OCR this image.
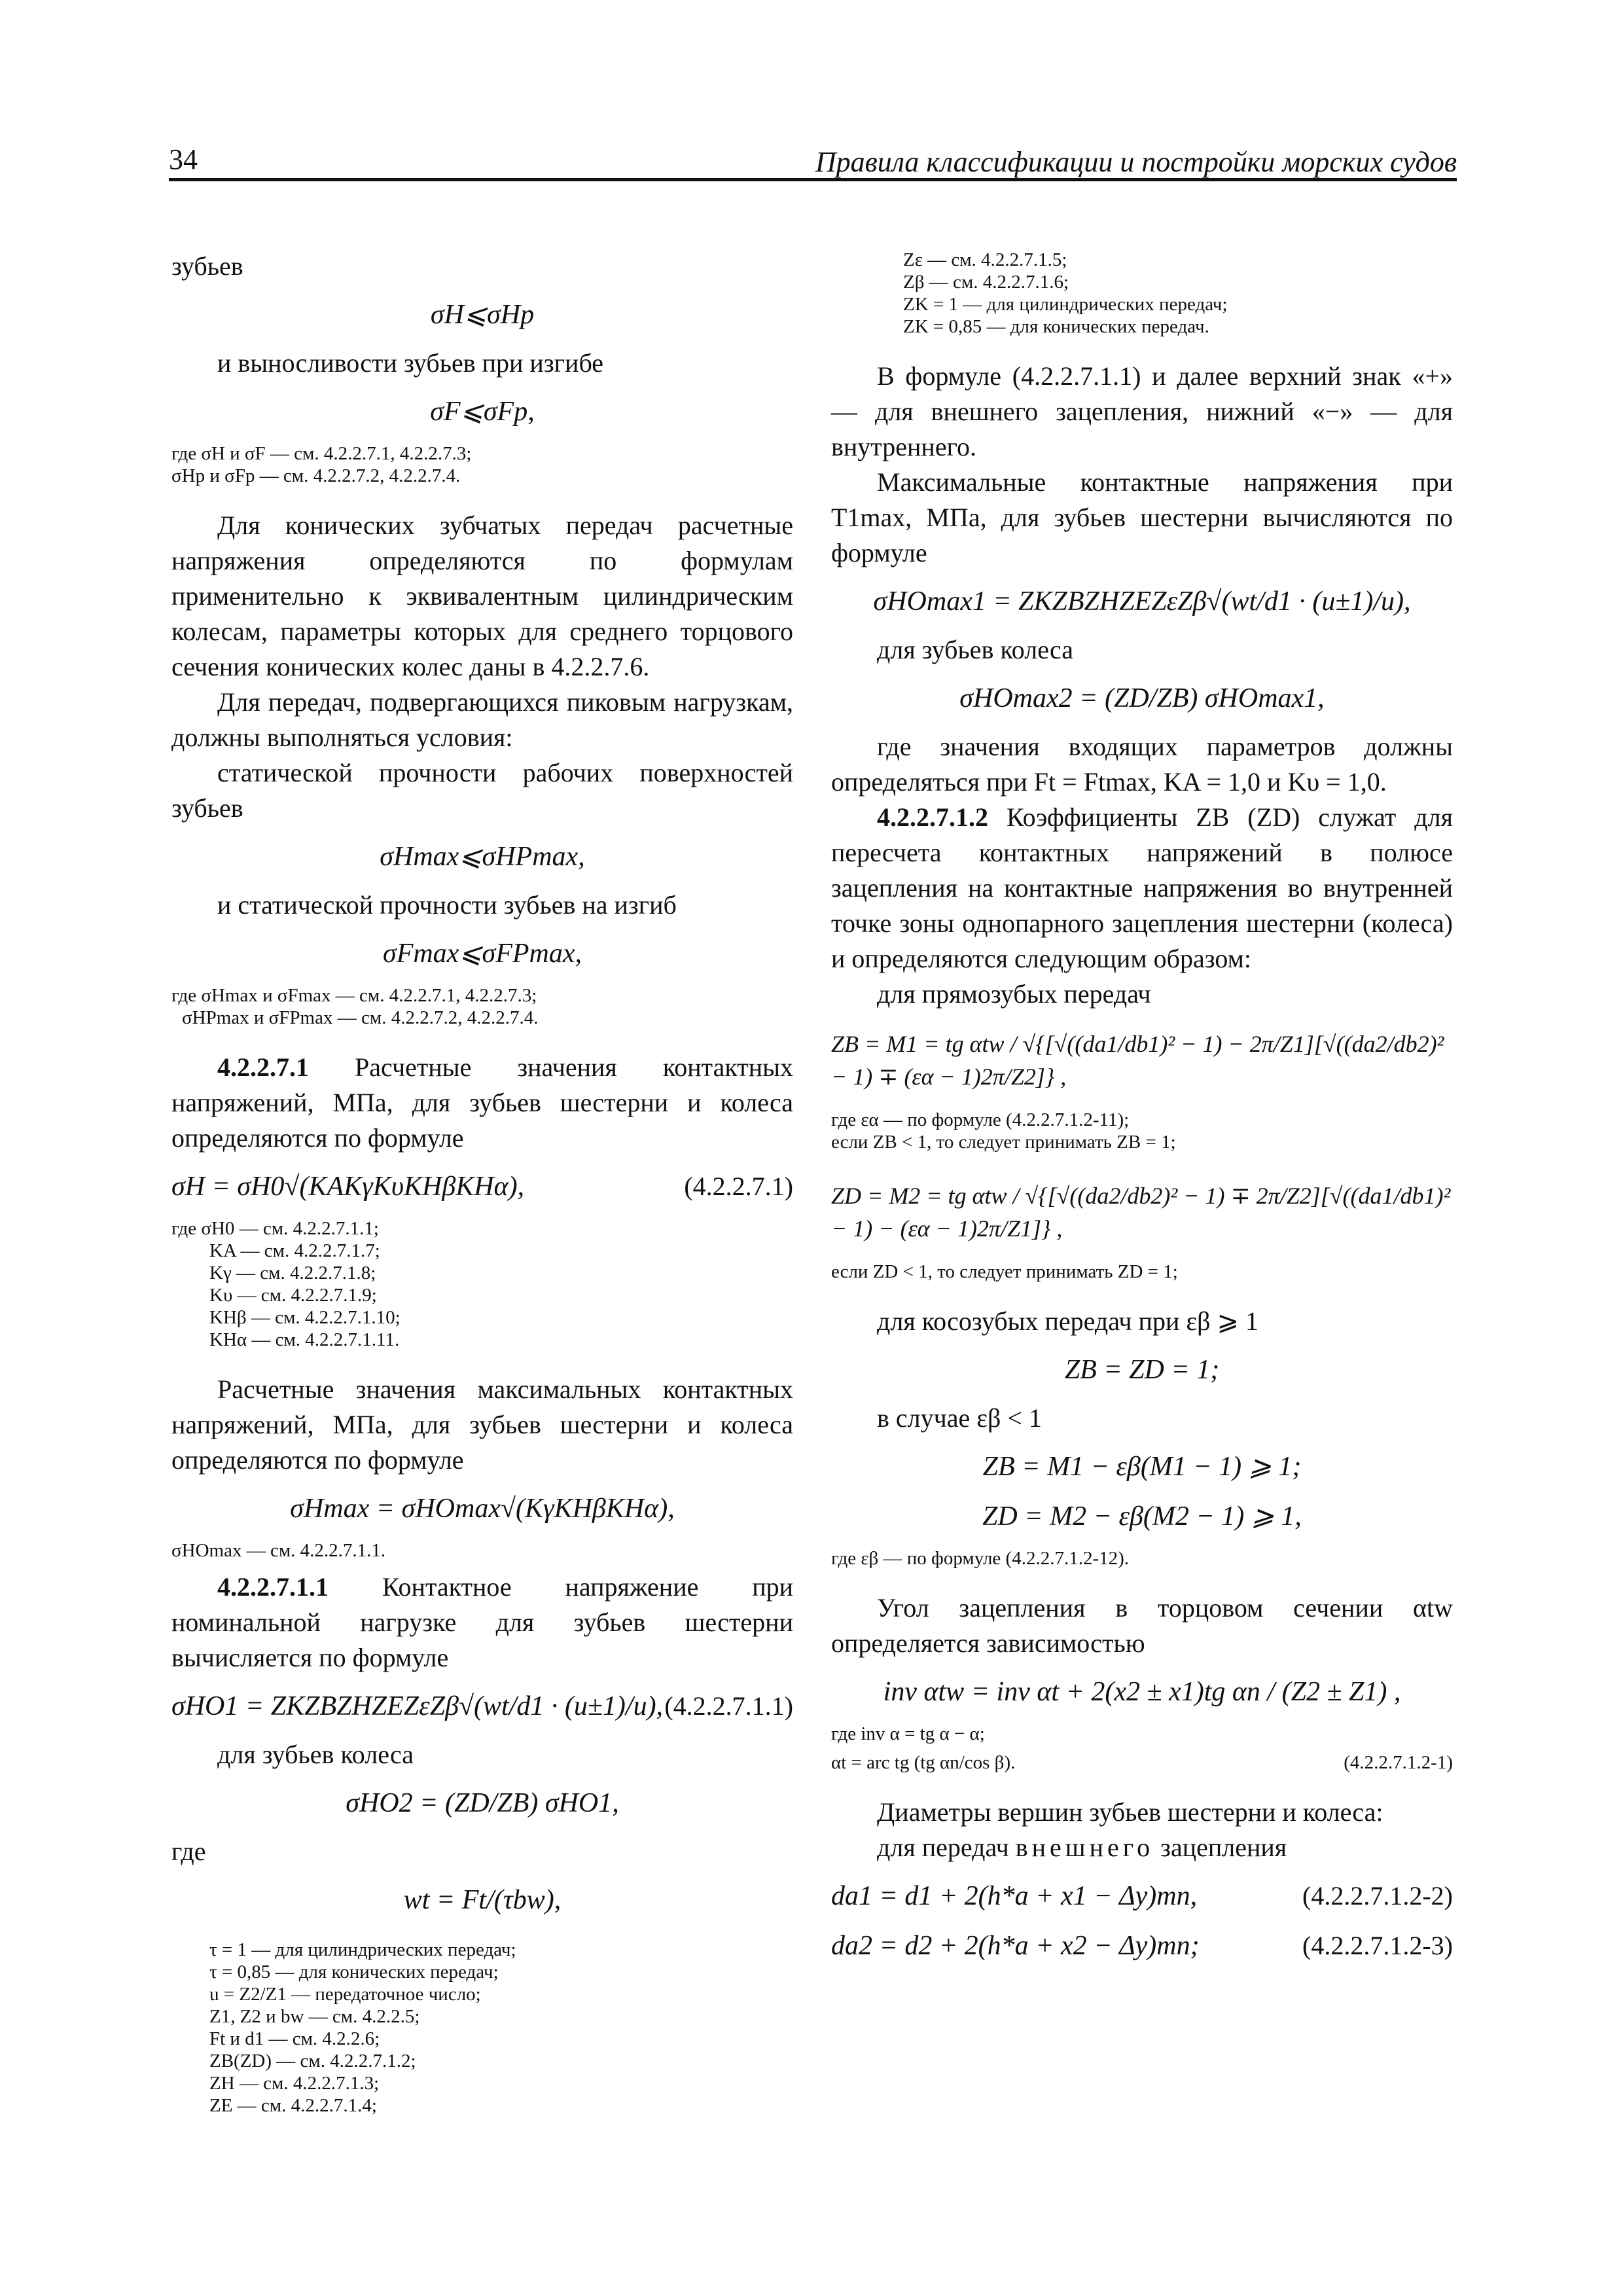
34	Правила классификации и постройки морских судов

зубьев

σH⩽σHp

и выносливости зубьев при изгибе

σF⩽σFp,

где σH и σF — см. 4.2.2.7.1, 4.2.2.7.3;

σHp и σFp — см. 4.2.2.7.2, 4.2.2.7.4.

Для конических зубчатых передач расчетные напряжения определяются по формулам применительно к эквивалентным цилиндрическим колесам, параметры которых для среднего торцового сечения конических колес даны в 4.2.2.7.6.

Для передач, подвергающихся пиковым нагрузкам, должны выполняться условия:

статической прочности рабочих поверхностей зубьев

σHmax⩽σHPmax,

и статической прочности зубьев на изгиб

σFmax⩽σFPmax,

где σHmax и σFmax — см. 4.2.2.7.1, 4.2.2.7.3;

σHPmax и σFPmax — см. 4.2.2.7.2, 4.2.2.7.4.

4.2.2.7.1 Расчетные значения контактных напряжений, МПа, для зубьев шестерни и колеса определяются по формуле

σH = σH0√(KAKγKυKHβKHα),	(4.2.2.7.1)

где σH0 — см. 4.2.2.7.1.1;

KA — см. 4.2.2.7.1.7;

Kγ — см. 4.2.2.7.1.8;

Kυ — см. 4.2.2.7.1.9;

KHβ — см. 4.2.2.7.1.10;

KHα — см. 4.2.2.7.1.11.

Расчетные значения максимальных контактных напряжений, МПа, для зубьев шестерни и колеса определяются по формуле

σHmax = σHOmax√(KγKHβKHα),

σHOmax — см. 4.2.2.7.1.1.

4.2.2.7.1.1 Контактное напряжение при номинальной нагрузке для зубьев шестерни вычисляется по формуле

σHO1 = ZKZBZHZEZεZβ√(wt/d1 · (u±1)/u), (4.2.2.7.1.1)

для зубьев колеса

σHO2 = (ZD/ZB) σHO1,

где

wt = Ft/(τbw),

τ = 1 — для цилиндрических передач;

τ = 0,85 — для конических передач;

u = Z2/Z1 — передаточное число;

Z1, Z2 и bw — см. 4.2.2.5;

Ft и d1 — см. 4.2.2.6;

ZB(ZD) — см. 4.2.2.7.1.2;

ZH — см. 4.2.2.7.1.3;

ZE — см. 4.2.2.7.1.4;

Zε — см. 4.2.2.7.1.5;

Zβ — см. 4.2.2.7.1.6;

ZK = 1 — для цилиндрических передач;

ZK = 0,85 — для конических передач.

В формуле (4.2.2.7.1.1) и далее верхний знак «+» — для внешнего зацепления, нижний «−» — для внутреннего.

Максимальные контактные напряжения при T1max, МПа, для зубьев шестерни вычисляются по формуле

σHOmax1 = ZKZBZHZEZεZβ√(wt/d1 · (u±1)/u),

для зубьев колеса

σHOmax2 = (ZD/ZB) σHOmax1,

где значения входящих параметров должны определяться при Ft = Ftmax, KA = 1,0 и Kυ = 1,0.

4.2.2.7.1.2 Коэффициенты ZB (ZD) служат для пересчета контактных напряжений в полюсе зацепления на контактные напряжения во внутренней точке зоны однопарного зацепления шестерни (колеса) и определяются следующим образом:

для прямозубых передач

ZB = M1 = tg αtw / √{[√((da1/db1)² − 1) − 2π/Z1][√((da2/db2)² − 1) ∓ (εα − 1)2π/Z2]} ,

где εα — по формуле (4.2.2.7.1.2-11);

если ZB < 1, то следует принимать ZB = 1;

ZD = M2 = tg αtw / √{[√((da2/db2)² − 1) ∓ 2π/Z2][√((da1/db1)² − 1) − (εα − 1)2π/Z1]} ,

если ZD < 1, то следует принимать ZD = 1;

для косозубых передач при εβ ⩾ 1

ZB = ZD = 1;

в случае εβ < 1

ZB = M1 − εβ(M1 − 1) ⩾ 1;
ZD = M2 − εβ(M2 − 1) ⩾ 1,

где εβ — по формуле (4.2.2.7.1.2-12).

Угол зацепления в торцовом сечении αtw определяется зависимостью

inv αtw = inv αt + 2(x2 ± x1)tg αn / (Z2 ± Z1) ,

где inv α = tg α − α;

αt = arc tg (tg αn/cos β).	(4.2.2.7.1.2-1)

Диаметры вершин зубьев шестерни и колеса:

для передач внешнего зацепления

da1 = d1 + 2(h*a + x1 − Δy)mn,	(4.2.2.7.1.2-2)
da2 = d2 + 2(h*a + x2 − Δy)mn;	(4.2.2.7.1.2-3)
